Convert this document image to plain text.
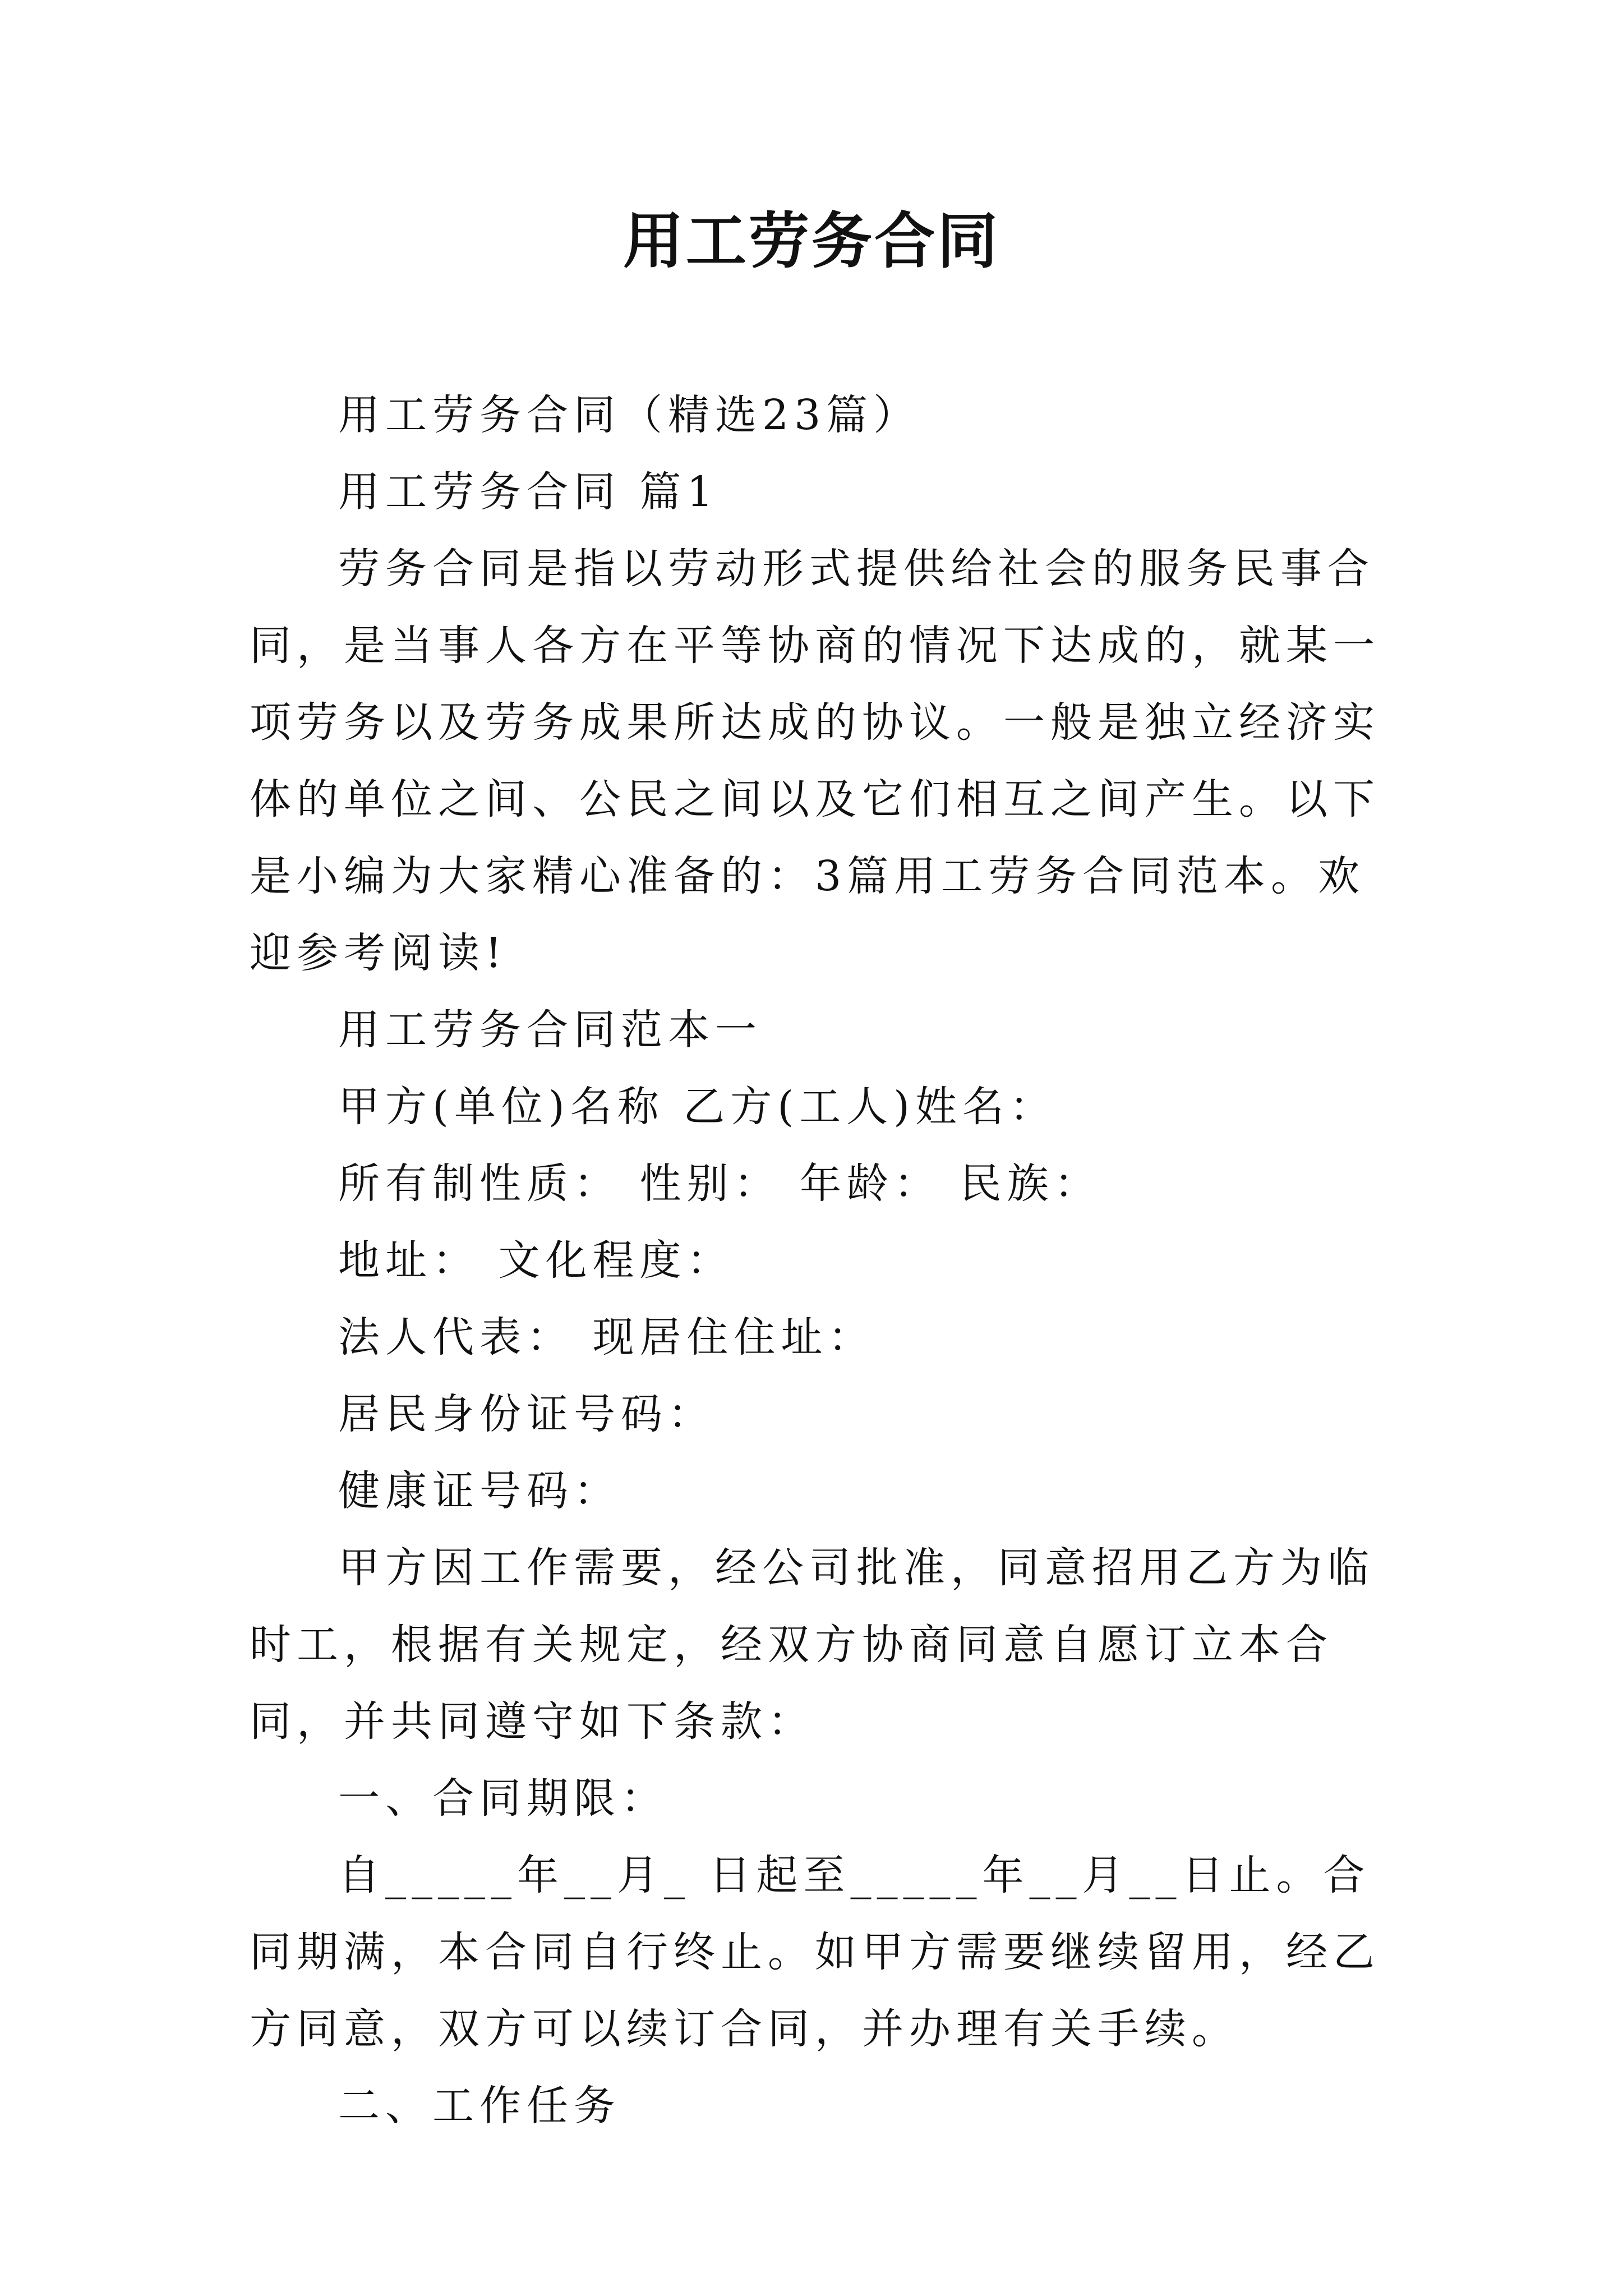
用工劳务合同

用工劳务合同（精选23篇）

用工劳务合同 篇1

劳务合同是指以劳动形式提供给社会的服务民事合同，是当事人各方在平等协商的情况下达成的，就某一项劳务以及劳务成果所达成的协议。一般是独立经济实体的单位之间、公民之间以及它们相互之间产生。以下是小编为大家精心准备的：3篇用工劳务合同范本。欢迎参考阅读!

用工劳务合同范本一

甲方(单位)名称 乙方(工人)姓名：

所有制性质： 性别： 年龄： 民族：

地址： 文化程度：

法人代表： 现居住住址：

居民身份证号码：

健康证号码：

甲方因工作需要，经公司批准，同意招用乙方为临时工，根据有关规定，经双方协商同意自愿订立本合同，并共同遵守如下条款：

一、合同期限：

自_____年__月_ 日起至_____年__月__日止。合同期满，本合同自行终止。如甲方需要继续留用，经乙方同意，双方可以续订合同，并办理有关手续。

二、工作任务
